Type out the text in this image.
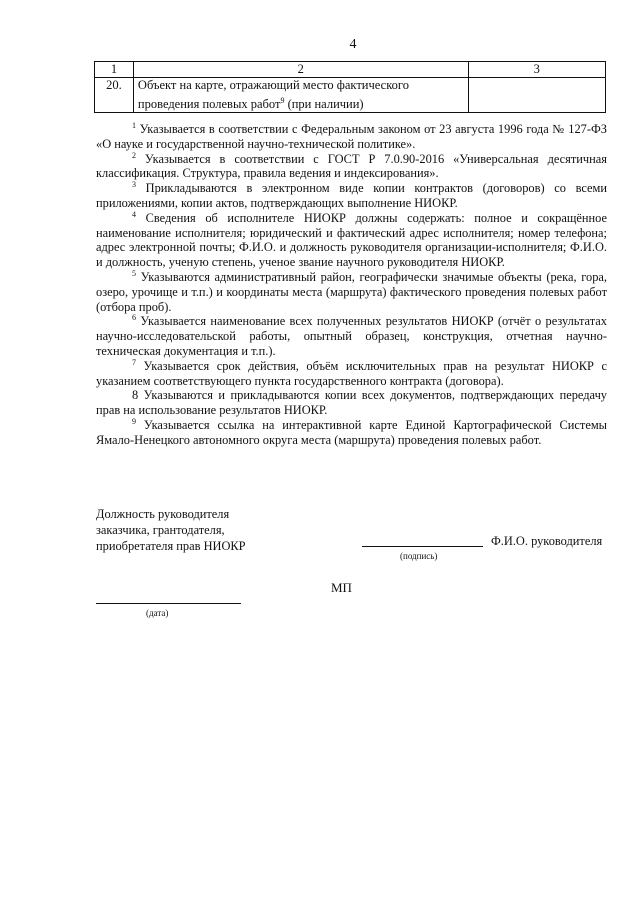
4
1	2	3
20.	Объект на карте, отражающий место фактического
проведения полевых работ$^9$ (при наличии)	

$^1$ Указывается в соответствии с Федеральным законом от 23 августа 1996 года № 127-ФЗ «О науке и государственной научно-технической политике».

$^2$ Указывается в соответствии с ГОСТ Р 7.0.90-2016 «Универсальная десятичная классификация. Структура, правила ведения и индексирования».

$^3$ Прикладываются в электронном виде копии контрактов (договоров) со всеми приложениями, копии актов, подтверждающих выполнение НИОКР.

$^4$ Сведения об исполнителе НИОКР должны содержать: полное и сокращённое наименование исполнителя; юридический и фактический адрес исполнителя; номер телефона; адрес электронной почты; Ф.И.О. и должность руководителя организации-исполнителя; Ф.И.О. и должность, ученую степень, ученое звание научного руководителя НИОКР.

$^5$ Указываются административный район, географически значимые объекты (река, гора, озеро, урочище и т.п.) и координаты места (маршрута) фактического проведения полевых работ (отбора проб).

$^6$ Указывается наименование всех полученных результатов НИОКР (отчёт о результатах научно-исследовательской работы, опытный образец, конструкция, отчетная научно-техническая документация и т.п.).

$^7$ Указывается срок действия, объём исключительных прав на результат НИОКР с указанием соответствующего пункта государственного контракта (договора).

8 Указываются и прикладываются копии всех документов, подтверждающих передачу прав на использование результатов НИОКР.

$^9$ Указывается ссылка на интерактивной карте Единой Картографической Системы Ямало-Ненецкого автономного округа места (маршрута) проведения полевых работ.

Должность руководителя
заказчика, грантодателя,
приобретателя прав НИОКР
(подпись)
Ф.И.О. руководителя
МП
(дата)
